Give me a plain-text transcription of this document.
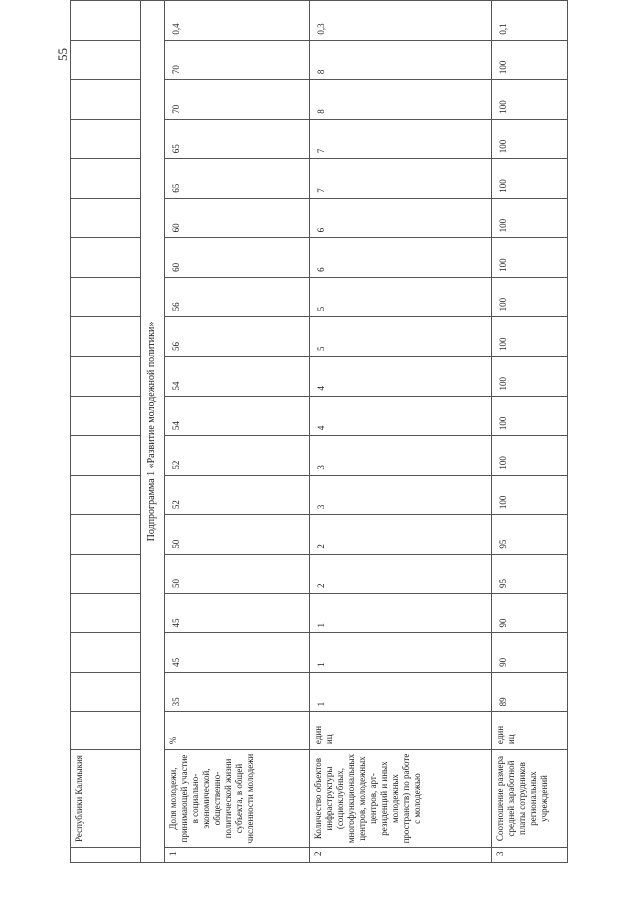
	Республики Калмыкия																			
Подпрограмма 1 «Развитие молодежной политики»																				
1	Доля молодежи, принимающей участие в социально-экономической, общественно-политической жизни субъекта, в общей численности молодежи	%	35	45	45	50	50	52	52	54	54	56	56	60	60	65	65	70	70	0,4
2	Количество объектов инфраструктуры (социоклубных, многофункциональных центров, молодежных центров, арт-резиденций и иных молодежных пространств) по работе с молодежью	един иц	1	1	1	2	2	3	3	4	4	5	5	6	6	7	7	8	8	0,3
3	Соотношение размера средней заработной платы сотрудников региональных учреждений	един иц	89	90	90	95	95	100	100	100	100	100	100	100	100	100	100	100	100	0,1
55
